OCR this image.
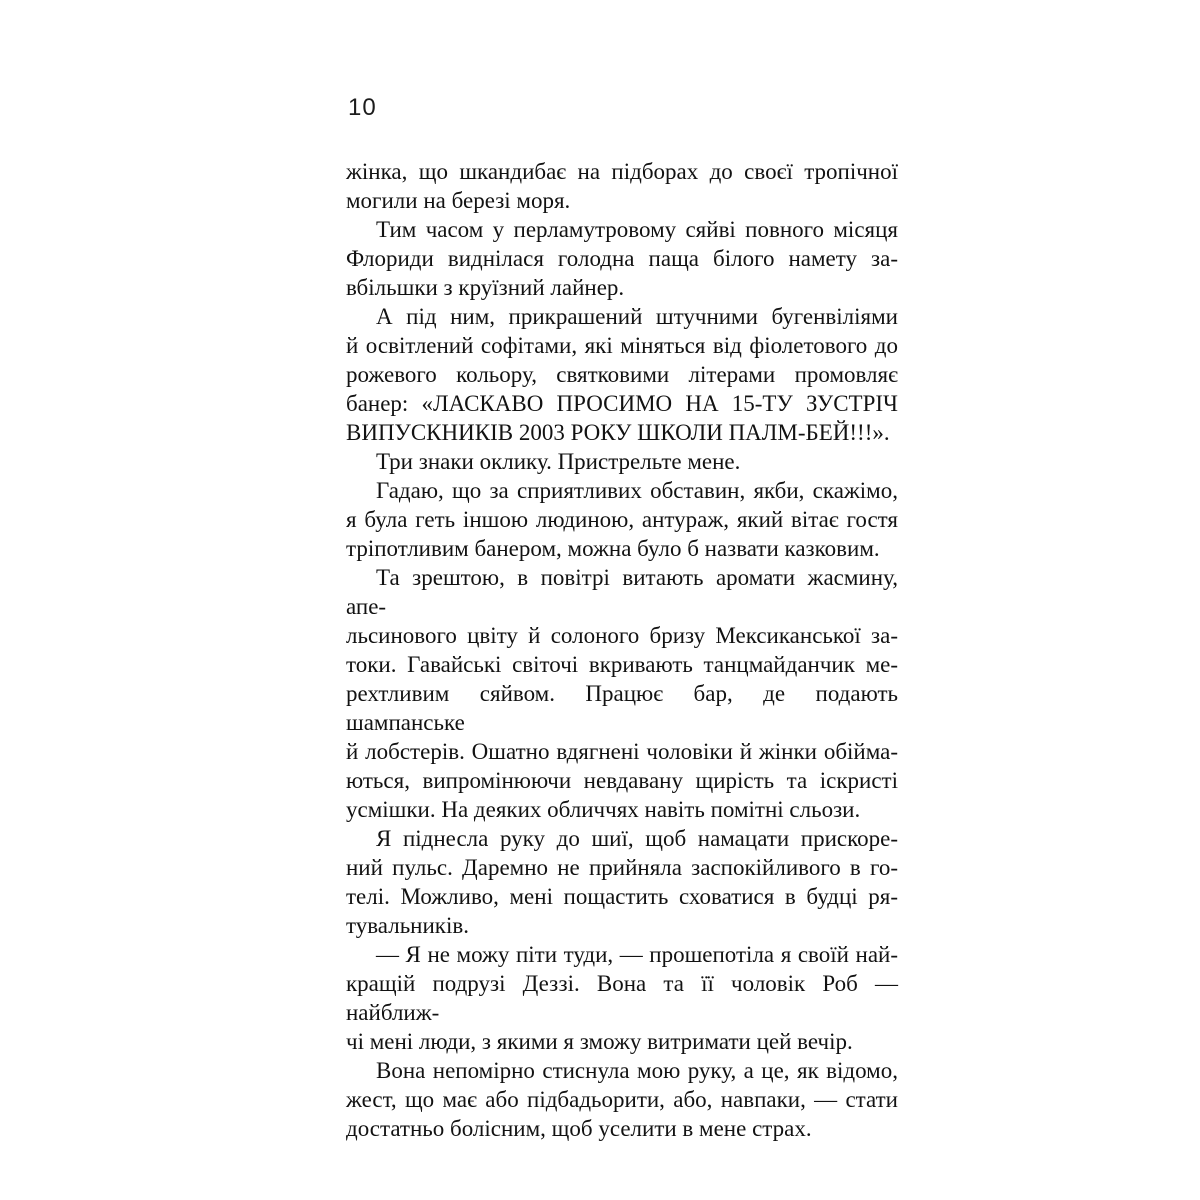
10
жінка, що шкандибає на підборах до своєї тропічної
могили на березі моря.
Тим часом у перламутровому сяйві повного місяця
Флориди виднілася голодна паща білого намету за-
вбільшки з круїзний лайнер.
А під ним, прикрашений штучними бугенвіліями
й освітлений софітами, які міняться від фіолетового до
рожевого кольору, святковими літерами промовляє
банер: «ЛАСКАВО ПРОСИМО НА 15-ТУ ЗУСТРІЧ
ВИПУСКНИКІВ 2003 РОКУ ШКОЛИ ПАЛМ-БЕЙ!!!».
Три знаки оклику. Пристрельте мене.
Гадаю, що за сприятливих обставин, якби, скажімо,
я була геть іншою людиною, антураж, який вітає гостя
тріпотливим банером, можна було б назвати казковим.
Та зрештою, в повітрі витають аромати жасмину, апе-
льсинового цвіту й солоного бризу Мексиканської за-
токи. Гавайські світочі вкривають танцмайданчик ме-
рехтливим сяйвом. Працює бар, де подають шампанське
й лобстерів. Ошатно вдягнені чоловіки й жінки обійма-
ються, випромінюючи невдавану щирість та іскристі
усмішки. На деяких обличчях навіть помітні сльози.
Я піднесла руку до шиї, щоб намацати прискоре-
ний пульс. Даремно не прийняла заспокійливого в го-
телі. Можливо, мені пощастить сховатися в будці ря-
тувальників.
— Я не можу піти туди, — прошепотіла я своїй най-
кращій подрузі Деззі. Вона та її чоловік Роб — найближ-
чі мені люди, з якими я зможу витримати цей вечір.
Вона непомірно стиснула мою руку, а це, як відомо,
жест, що має або підбадьорити, або, навпаки, — стати
достатньо болісним, щоб уселити в мене страх.
